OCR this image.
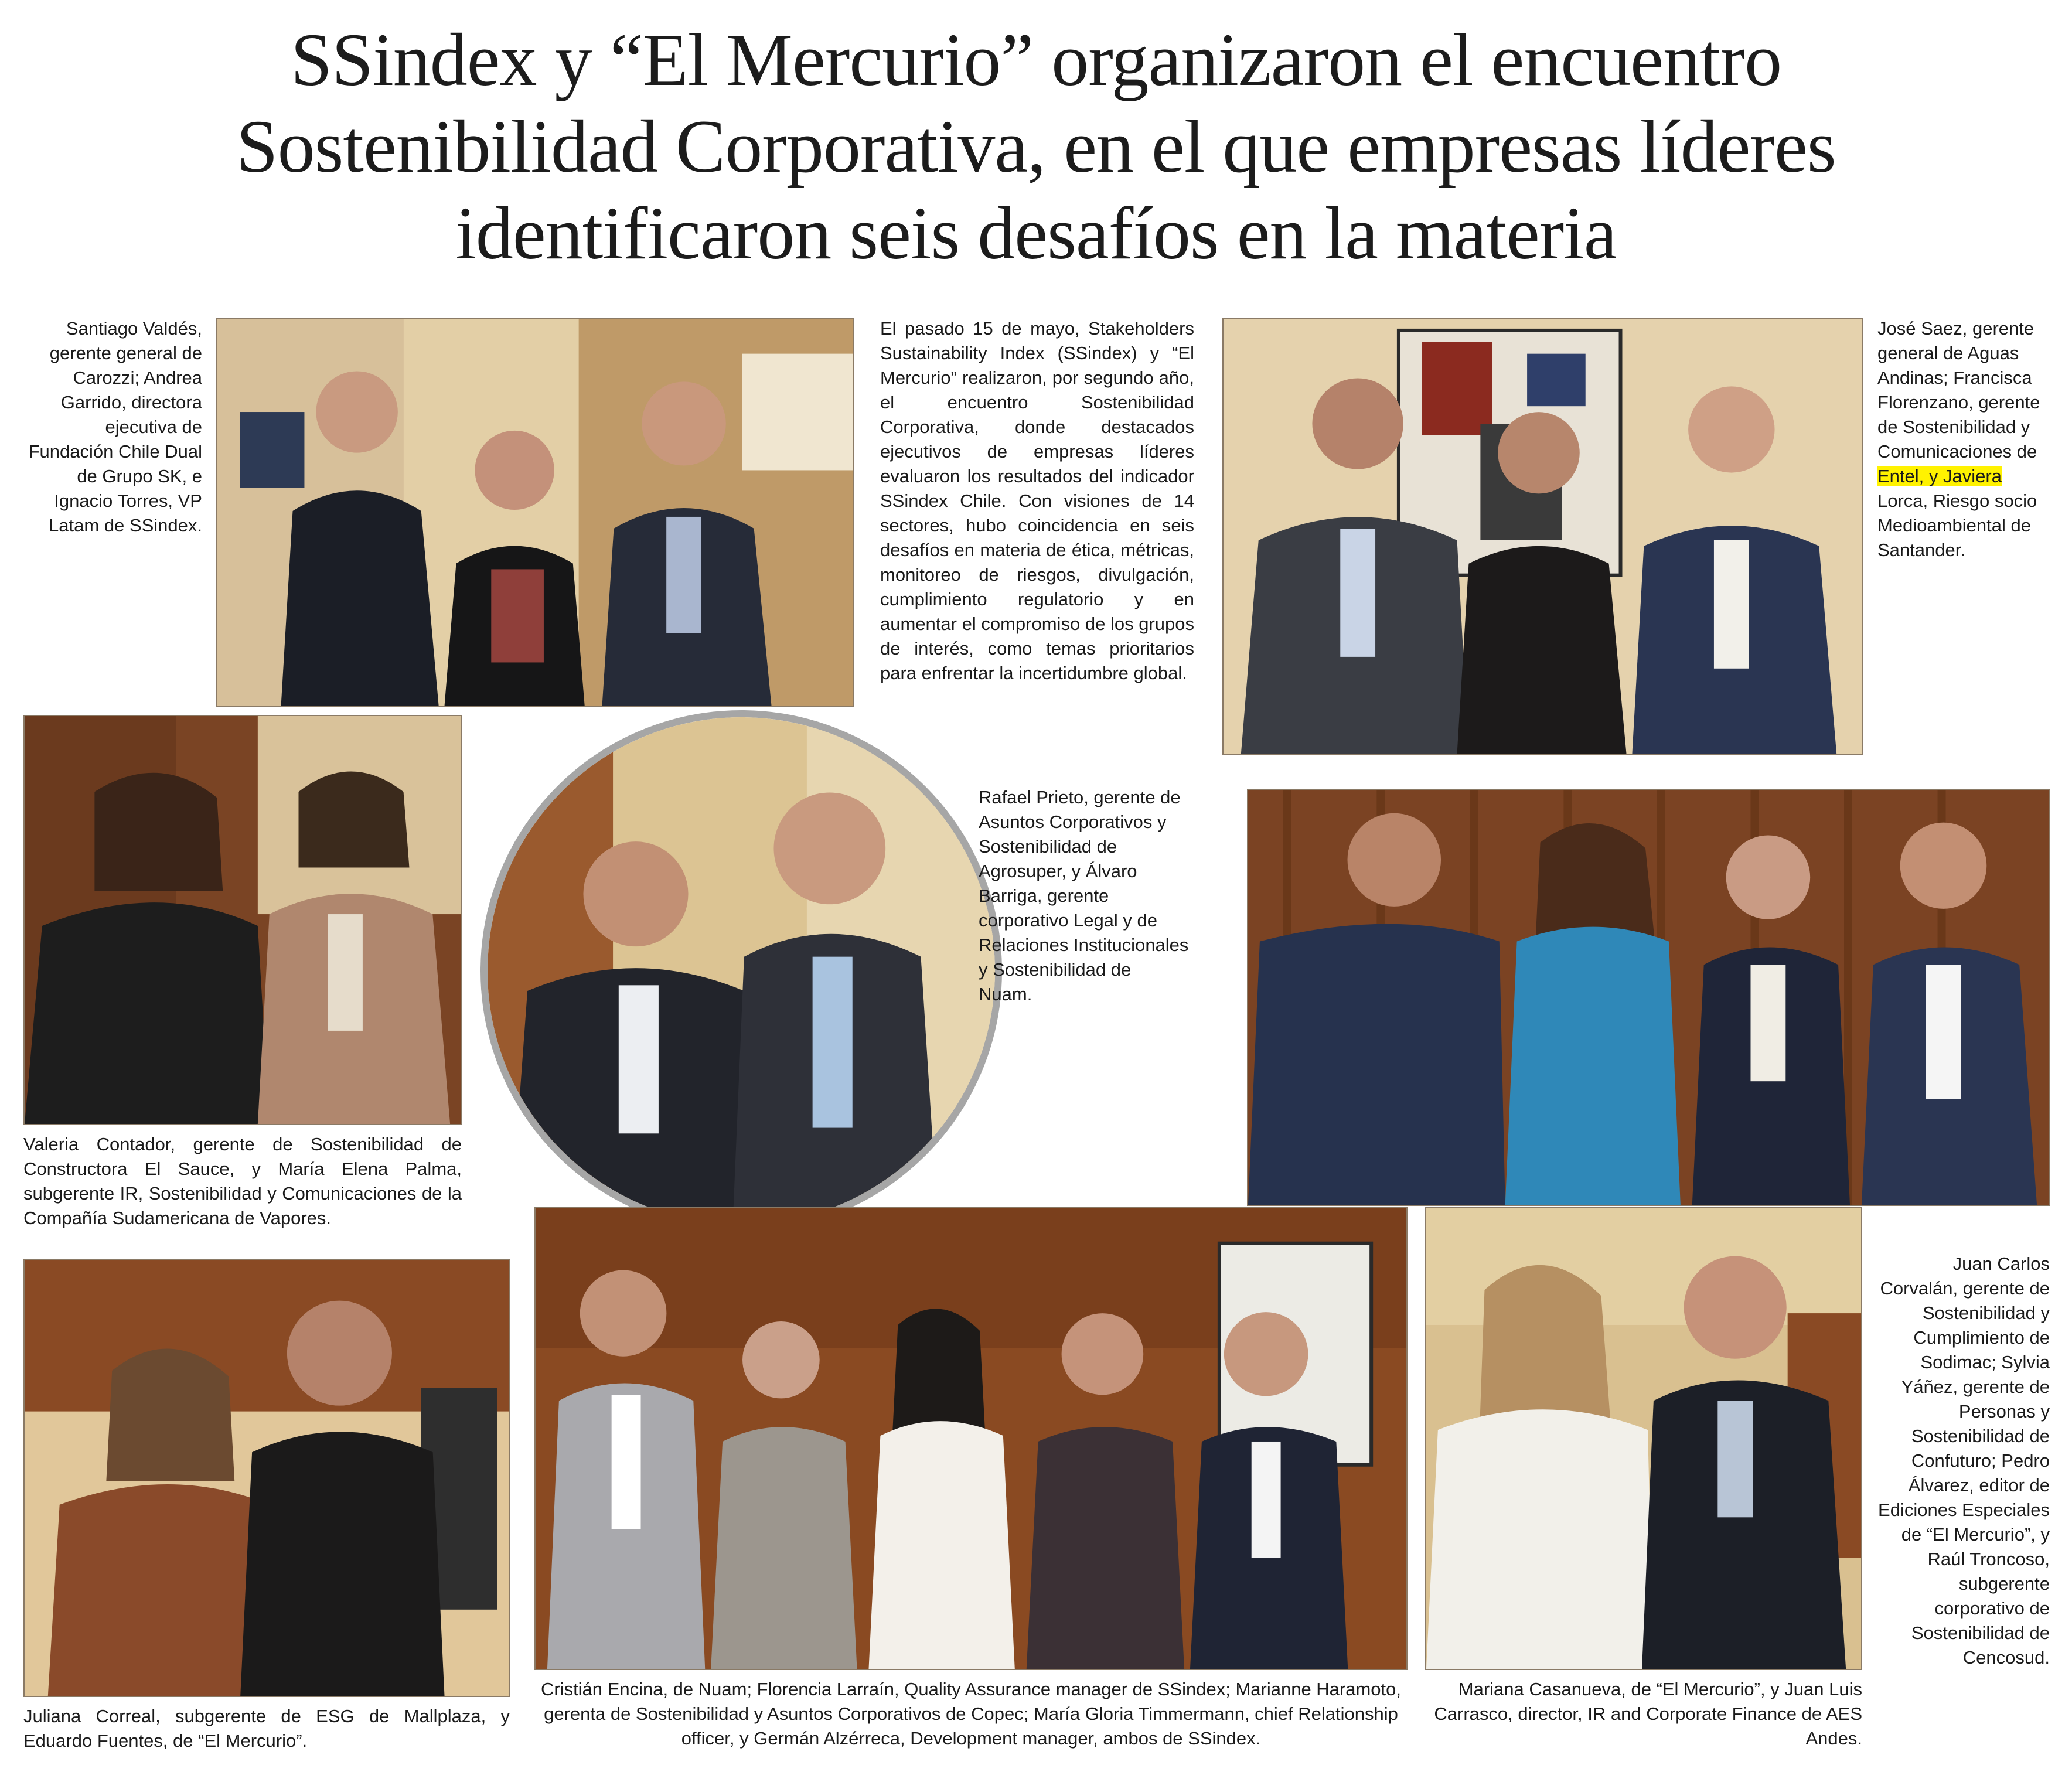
SSindex y “El Mercurio” organizaron el encuentro
Sostenibilidad Corporativa, en el que empresas líderes
identificaron seis desafíos en la materia
Santiago Valdés, gerente general de Carozzi; Andrea Garrido, directora ejecutiva de Fundación Chile Dual de Grupo SK, e Ignacio Torres, VP Latam de SSindex.
El pasado 15 de mayo, Stakeholders Sustainability Index (SSindex) y “El Mercurio” realizaron, por segundo año, el encuentro Sostenibilidad Corporativa, donde destacados ejecutivos de empresas líderes evaluaron los resultados del indicador SSindex Chile. Con visiones de 14 sectores, hubo coincidencia en seis desafíos en materia de ética, métricas, monitoreo de riesgos, divulgación, cumplimiento regulatorio y en aumentar el compromiso de los grupos de interés, como temas prioritarios para enfrentar la incertidumbre global.
José Saez, gerente general de Aguas Andinas; Francisca Florenzano, gerente de Sostenibilidad y Comunicaciones de Entel, y Javiera Lorca, Riesgo socio Medioambiental de Santander.
Rafael Prieto, gerente de Asuntos Corporativos y Sostenibilidad de Agrosuper, y Álvaro Barriga, gerente corporativo Legal y de Relaciones Institucionales y Sostenibilidad de Nuam.
Valeria Contador, gerente de Sostenibilidad de Constructora El Sauce, y María Elena Palma, subgerente IR, Sostenibilidad y Comunicaciones de la Compañía Sudamericana de Vapores.
Juan Carlos Corvalán, gerente de Sostenibilidad y Cumplimiento de Sodimac; Sylvia Yáñez, gerente de Personas y Sostenibilidad de Confuturo; Pedro Álvarez, editor de Ediciones Especiales de “El Mercurio”, y Raúl Troncoso, subgerente corporativo de Sostenibilidad de Cencosud.
Juliana Correal, subgerente de ESG de Mallplaza, y Eduardo Fuentes, de “El Mercurio”.
Cristián Encina, de Nuam; Florencia Larraín, Quality Assurance manager de SSindex; Marianne Haramoto, gerenta de Sostenibilidad y Asuntos Corporativos de Copec; María Gloria Timmermann, chief Relationship officer, y Germán Alzérreca, Development manager, ambos de SSindex.
Mariana Casanueva, de “El Mercurio”, y Juan Luis Carrasco, director, IR and Corporate Finance de AES Andes.
